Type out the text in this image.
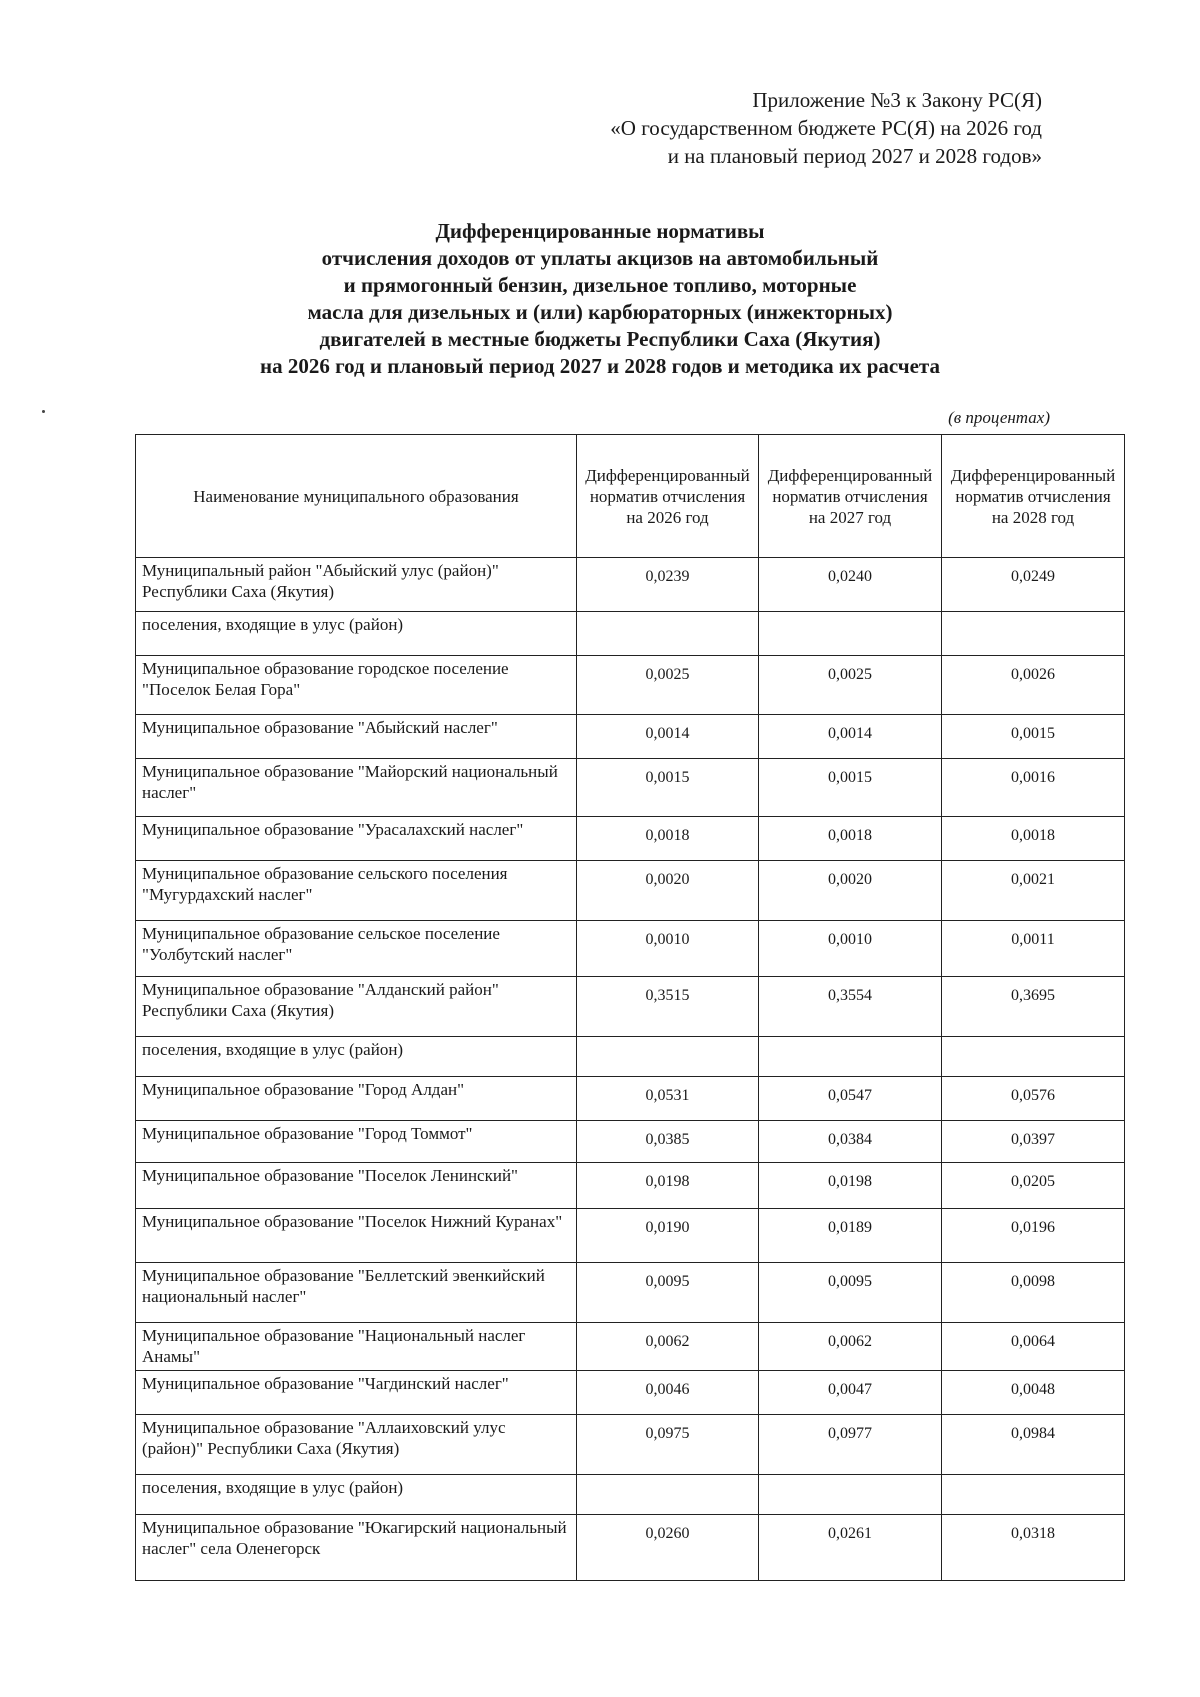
Приложение №3 к Закону РС(Я)
«О государственном бюджете РС(Я) на 2026 год
и на плановый период 2027 и 2028 годов»
Дифференцированные нормативы
отчисления доходов от уплаты акцизов на автомобильный
и прямогонный бензин, дизельное топливо, моторные
масла для дизельных и (или) карбюраторных (инжекторных)
двигателей в местные бюджеты Республики Саха (Якутия)
на 2026 год и плановый период 2027 и 2028 годов и методика их расчета
(в процентах)
Наименование муниципального образования	Дифференцированный норматив отчисления на 2026 год	Дифференцированный норматив отчисления на 2027 год	Дифференцированный норматив отчисления на 2028 год
Муниципальный район "Абыйский улус (район)" Республики Саха (Якутия)	0,0239	0,0240	0,0249
поселения, входящие в улус (район)			
Муниципальное образование городское поселение "Поселок Белая Гора"	0,0025	0,0025	0,0026
Муниципальное образование "Абыйский наслег"	0,0014	0,0014	0,0015
Муниципальное образование "Майорский национальный наслег"	0,0015	0,0015	0,0016
Муниципальное образование "Урасалахский наслег"	0,0018	0,0018	0,0018
Муниципальное образование сельского поселения "Мугурдахский наслег"	0,0020	0,0020	0,0021
Муниципальное образование сельское поселение "Уолбутский наслег"	0,0010	0,0010	0,0011
Муниципальное образование "Алданский район" Республики Саха (Якутия)	0,3515	0,3554	0,3695
поселения, входящие в улус (район)			
Муниципальное образование "Город Алдан"	0,0531	0,0547	0,0576
Муниципальное образование "Город Томмот"	0,0385	0,0384	0,0397
Муниципальное образование "Поселок Ленинский"	0,0198	0,0198	0,0205
Муниципальное образование "Поселок Нижний Куранах"	0,0190	0,0189	0,0196
Муниципальное образование "Беллетский эвенкийский национальный наслег"	0,0095	0,0095	0,0098
Муниципальное образование "Национальный наслег Анамы"	0,0062	0,0062	0,0064
Муниципальное образование "Чагдинский наслег"	0,0046	0,0047	0,0048
Муниципальное образование "Аллаиховский улус (район)" Республики Саха (Якутия)	0,0975	0,0977	0,0984
поселения, входящие в улус (район)			
Муниципальное образование "Юкагирский национальный наслег" села Оленегорск	0,0260	0,0261	0,0318
